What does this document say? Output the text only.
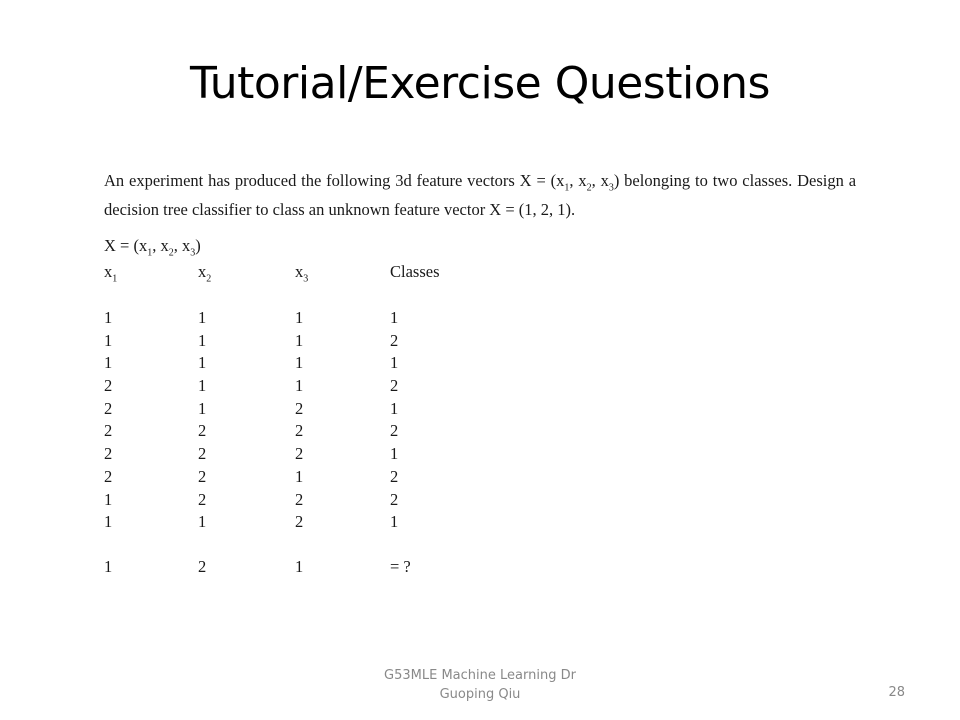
Tutorial/Exercise Questions
An experiment has produced the following 3d feature vectors $X = (x_1$, $x_2$, $x_3$) belonging to two classes. Design a decision tree classifier to class an unknown feature vector X = (1, 2, 1).
$X = (x_1$, $x_2$, $x_3$)
$x_1$	$x_2$	$x_3$	Classes
1	1	1	1
1	1	1	2
1	1	1	1
2	1	1	2
2	1	2	1
2	2	2	2
2	2	2	1
2	2	1	2
1	2	2	2
1	1	2	1
1	2	1	= ?
G53MLE Machine Learning Dr
Guoping Qiu	28
